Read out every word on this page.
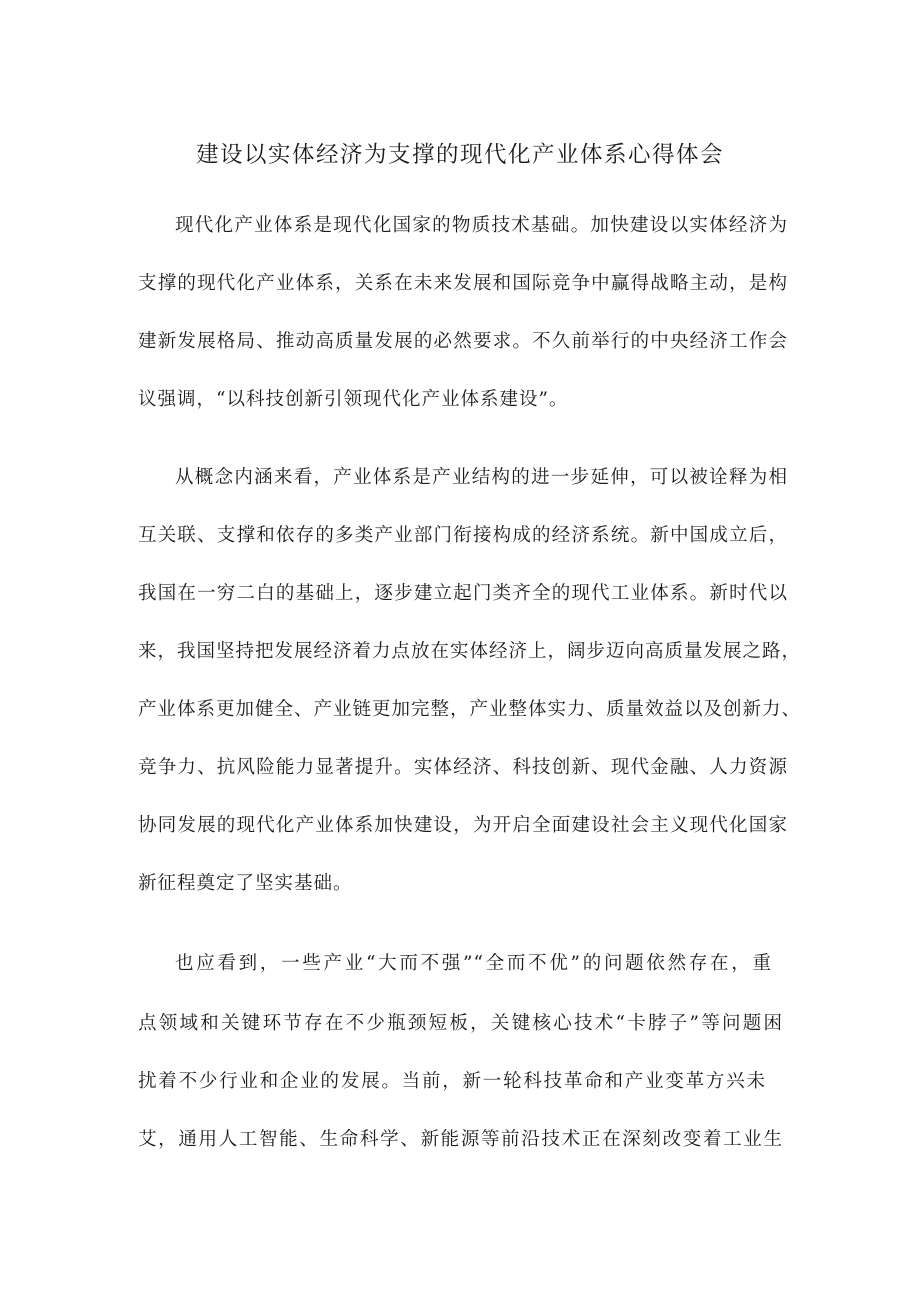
建设以实体经济为支撑的现代化产业体系心得体会
现代化产业体系是现代化国家的物质技术基础。加快建设以实体经济为
支撑的现代化产业体系，关系在未来发展和国际竞争中赢得战略主动，是构
建新发展格局、推动高质量发展的必然要求。不久前举行的中央经济工作会
议强调，“以科技创新引领现代化产业体系建设”。
从概念内涵来看，产业体系是产业结构的进一步延伸，可以被诠释为相
互关联、支撑和依存的多类产业部门衔接构成的经济系统。新中国成立后，
我国在一穷二白的基础上，逐步建立起门类齐全的现代工业体系。新时代以
来，我国坚持把发展经济着力点放在实体经济上，阔步迈向高质量发展之路，
产业体系更加健全、产业链更加完整，产业整体实力、质量效益以及创新力、
竞争力、抗风险能力显著提升。实体经济、科技创新、现代金融、人力资源
协同发展的现代化产业体系加快建设，为开启全面建设社会主义现代化国家
新征程奠定了坚实基础。
也应看到，一些产业“大而不强”“全而不优”的问题依然存在，重
点领域和关键环节存在不少瓶颈短板，关键核心技术“卡脖子”等问题困
扰着不少行业和企业的发展。当前，新一轮科技革命和产业变革方兴未
艾，通用人工智能、生命科学、新能源等前沿技术正在深刻改变着工业生
